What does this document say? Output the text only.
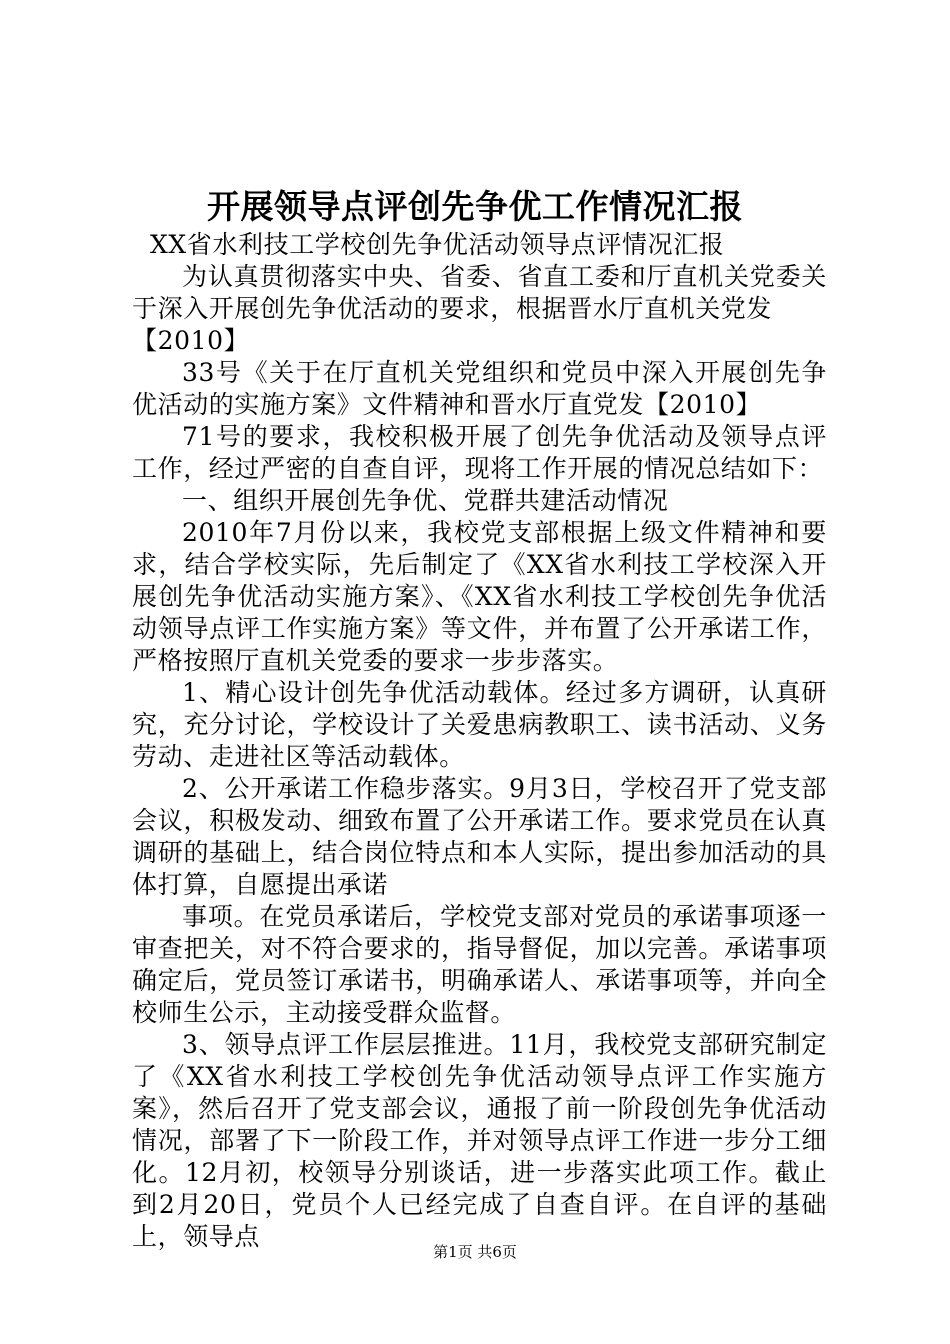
开展领导点评创先争优工作情况汇报

XX省水利技工学校创先争优活动领导点评情况汇报

为认真贯彻落实中央、省委、省直工委和厅直机关党委关于深入开展创先争优活动的要求，根据晋水厅直机关党发

【2010】

33号《关于在厅直机关党组织和党员中深入开展创先争优活动的实施方案》文件精神和晋水厅直党发【2010】

71号的要求，我校积极开展了创先争优活动及领导点评工作，经过严密的自查自评，现将工作开展的情况总结如下：

一、组织开展创先争优、党群共建活动情况

2010年7月份以来，我校党支部根据上级文件精神和要求，结合学校实际，先后制定了《XX省水利技工学校深入开展创先争优活动实施方案》、《XX省水利技工学校创先争优活动领导点评工作实施方案》等文件，并布置了公开承诺工作，严格按照厅直机关党委的要求一步步落实。

1、精心设计创先争优活动载体。经过多方调研，认真研究，充分讨论，学校设计了关爱患病教职工、读书活动、义务劳动、走进社区等活动载体。

2、公开承诺工作稳步落实。9月3日，学校召开了党支部会议，积极发动、细致布置了公开承诺工作。要求党员在认真调研的基础上，结合岗位特点和本人实际，提出参加活动的具体打算，自愿提出承诺

事项。在党员承诺后，学校党支部对党员的承诺事项逐一审查把关，对不符合要求的，指导督促，加以完善。承诺事项确定后，党员签订承诺书，明确承诺人、承诺事项等，并向全校师生公示，主动接受群众监督。

3、领导点评工作层层推进。11月，我校党支部研究制定了《XX省水利技工学校创先争优活动领导点评工作实施方案》，然后召开了党支部会议，通报了前一阶段创先争优活动情况，部署了下一阶段工作，并对领导点评工作进一步分工细化。12月初，校领导分别谈话，进一步落实此项工作。截止到2月20日，党员个人已经完成了自查自评。在自评的基础上，领导点

第1页 共6页
